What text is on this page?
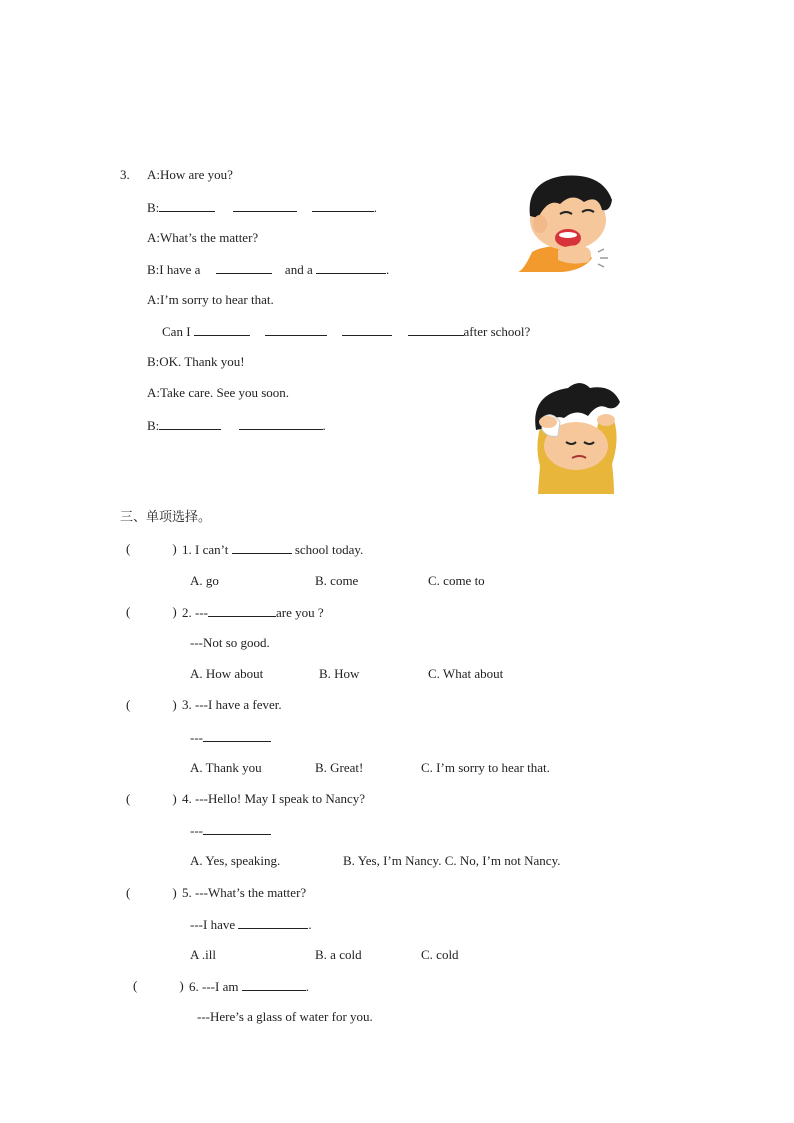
3. A:How are you?
B:	.
A:What’s the matter?
B:I have a	and a	.
A:I’m sorry to hear that.
Can I	after school?
B:OK. Thank you!
A:Take care. See you soon.
B:	.
三、单项选择。
(	) 1. I can’t	school today.
A. go	B. come	C. come to
(	) 2. ---	are you ?
---Not so good.
A. How about	B. How	C. What about
(	) 3. ---I have a fever.
---
A. Thank you	B. Great!	C. I’m sorry to hear that.
(	) 4. ---Hello! May I speak to Nancy?
---
A. Yes, speaking.	B. Yes, I’m Nancy. C. No, I’m not Nancy.
(	) 5. ---What’s the matter?
---I have	.
A .ill	B. a cold	C. cold
(	) 6. ---I am	.
---Here’s a glass of water for you.
